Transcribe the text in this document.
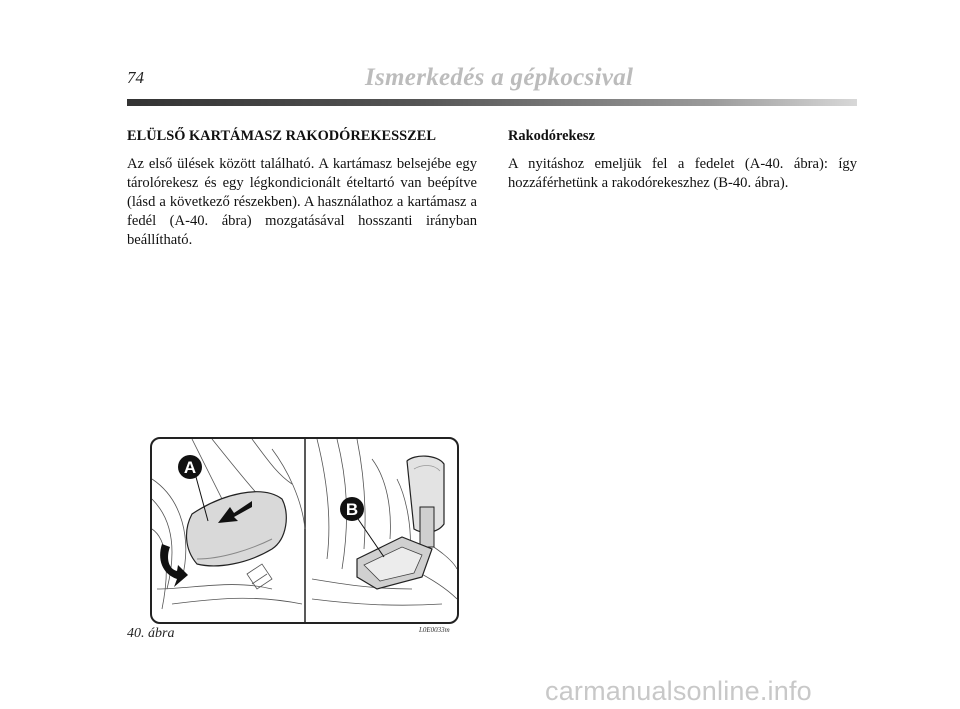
74	Ismerkedés a gépkocsival

ELÜLSŐ KARTÁMASZ RAKODÓREKESSZEL

Az első ülések között található. A kartámasz belsejébe egy tárolórekesz és egy légkondicionált ételtartó van beépítve (lásd a következő részekben). A használathoz a kartámasz a fedél (A-40. ábra) mozgatásával hosszanti irányban beállítható.

Rakodórekesz

A nyitáshoz emeljük fel a fedelet (A-40. ábra): így hozzáférhetünk a rakodórekeszhez (B-40. ábra).

A
B
40. ábra	L0E0033m
carmanualsonline.info
